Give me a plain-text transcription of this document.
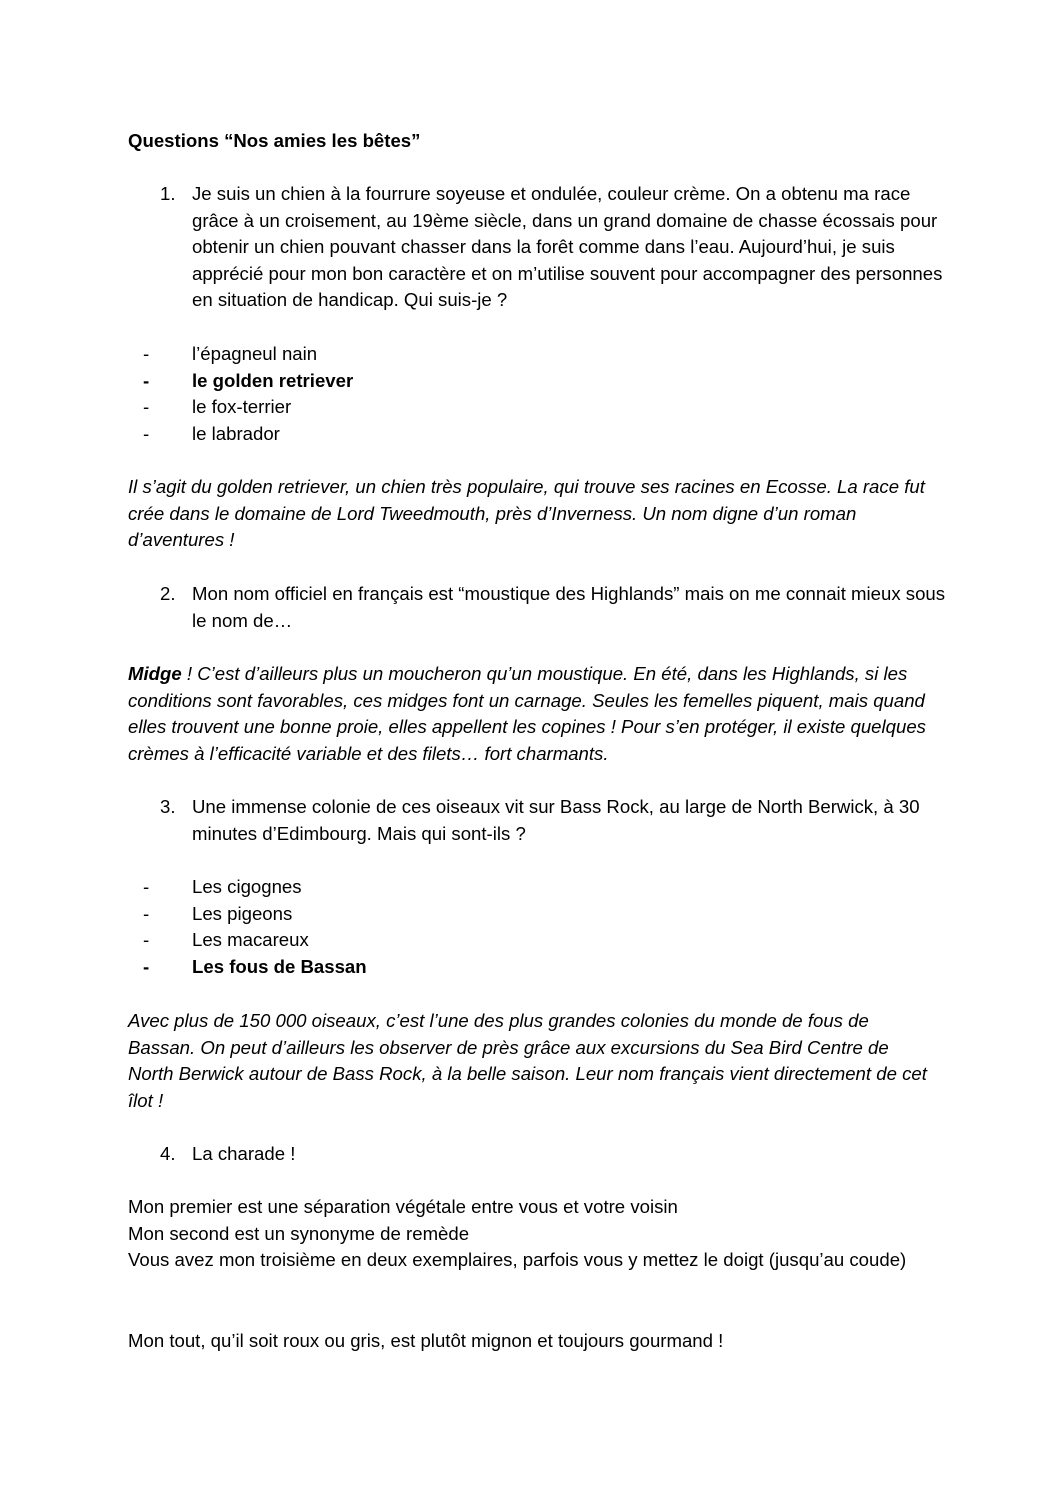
Questions “Nos amies les bêtes”
1. Je suis un chien à la fourrure soyeuse et ondulée, couleur crème. On a obtenu ma race grâce à un croisement, au 19ème siècle, dans un grand domaine de chasse écossais pour obtenir un chien pouvant chasser dans la forêt comme dans l’eau. Aujourd’hui, je suis apprécié pour mon bon caractère et on m’utilise souvent pour accompagner des personnes en situation de handicap. Qui suis-je ?
- l’épagneul nain
- le golden retriever
- le fox-terrier
- le labrador
Il s’agit du golden retriever, un chien très populaire, qui trouve ses racines en Ecosse. La race fut crée dans le domaine de Lord Tweedmouth, près d’Inverness. Un nom digne d’un roman d’aventures !
2. Mon nom officiel en français est “moustique des Highlands” mais on me connait mieux sous le nom de…
Midge ! C’est d’ailleurs plus un moucheron qu’un moustique. En été, dans les Highlands, si les conditions sont favorables, ces midges font un carnage. Seules les femelles piquent, mais quand elles trouvent une bonne proie, elles appellent les copines ! Pour s’en protéger, il existe quelques crèmes à l’efficacité variable et des filets… fort charmants.
3. Une immense colonie de ces oiseaux vit sur Bass Rock, au large de North Berwick, à 30 minutes d’Edimbourg. Mais qui sont-ils ?
- Les cigognes
- Les pigeons
- Les macareux
- Les fous de Bassan
Avec plus de 150 000 oiseaux, c’est l’une des plus grandes colonies du monde de fous de Bassan. On peut d’ailleurs les observer de près grâce aux excursions du Sea Bird Centre de North Berwick autour de Bass Rock, à la belle saison. Leur nom français vient directement de cet îlot !
4. La charade !
Mon premier est une séparation végétale entre vous et votre voisin
Mon second est un synonyme de remède
Vous avez mon troisième en deux exemplaires, parfois vous y mettez le doigt (jusqu’au coude)
Mon tout, qu’il soit roux ou gris, est plutôt mignon et toujours gourmand !
